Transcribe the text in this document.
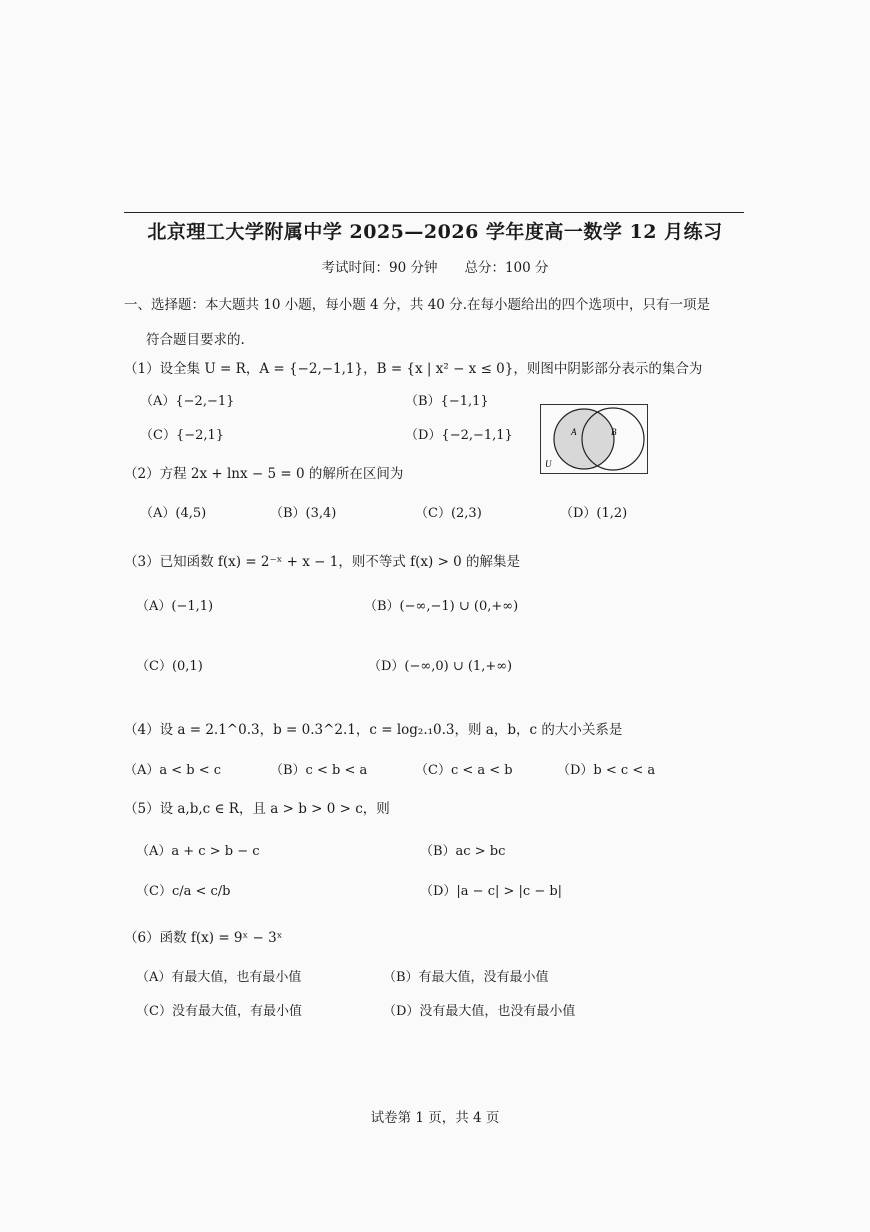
北京理工大学附属中学 2025—2026 学年度高一数学 12 月练习
考试时间：90 分钟　　总分：100 分
一、选择题：本大题共 10 小题，每小题 4 分，共 40 分.在每小题给出的四个选项中，只有一项是
符合题目要求的.
（1）设全集 U = R，A = {−2,−1,1}，B = {x | x² − x ≤ 0}，则图中阴影部分表示的集合为
（A）{−2,−1}	（B）{−1,1}
（C）{−2,1}	（D）{−2,−1,1}	A	B
U
（2）方程 2x + lnx − 5 = 0 的解所在区间为
（A）(4,5)	（B）(3,4)	（C）(2,3)	（D）(1,2)
（3）已知函数 f(x) = 2⁻ˣ + x − 1，则不等式 f(x) > 0 的解集是
（A）(−1,1)	（B）(−∞,−1) ∪ (0,+∞)
（C）(0,1)	（D）(−∞,0) ∪ (1,+∞)
（4）设 a = 2.1^0.3，b = 0.3^2.1，c = log₂.₁0.3，则 a，b，c 的大小关系是
（A）a < b < c	（B）c < b < a	（C）c < a < b	（D）b < c < a
（5）设 a,b,c ∈ R，且 a > b > 0 > c，则
（A）a + c > b − c	（B）ac > bc
（C）c/a < c/b	（D）|a − c| > |c − b|
（6）函数 f(x) = 9ˣ − 3ˣ
（A）有最大值，也有最小值	（B）有最大值，没有最小值
（C）没有最大值，有最小值	（D）没有最大值，也没有最小值
试卷第 1 页，共 4 页
